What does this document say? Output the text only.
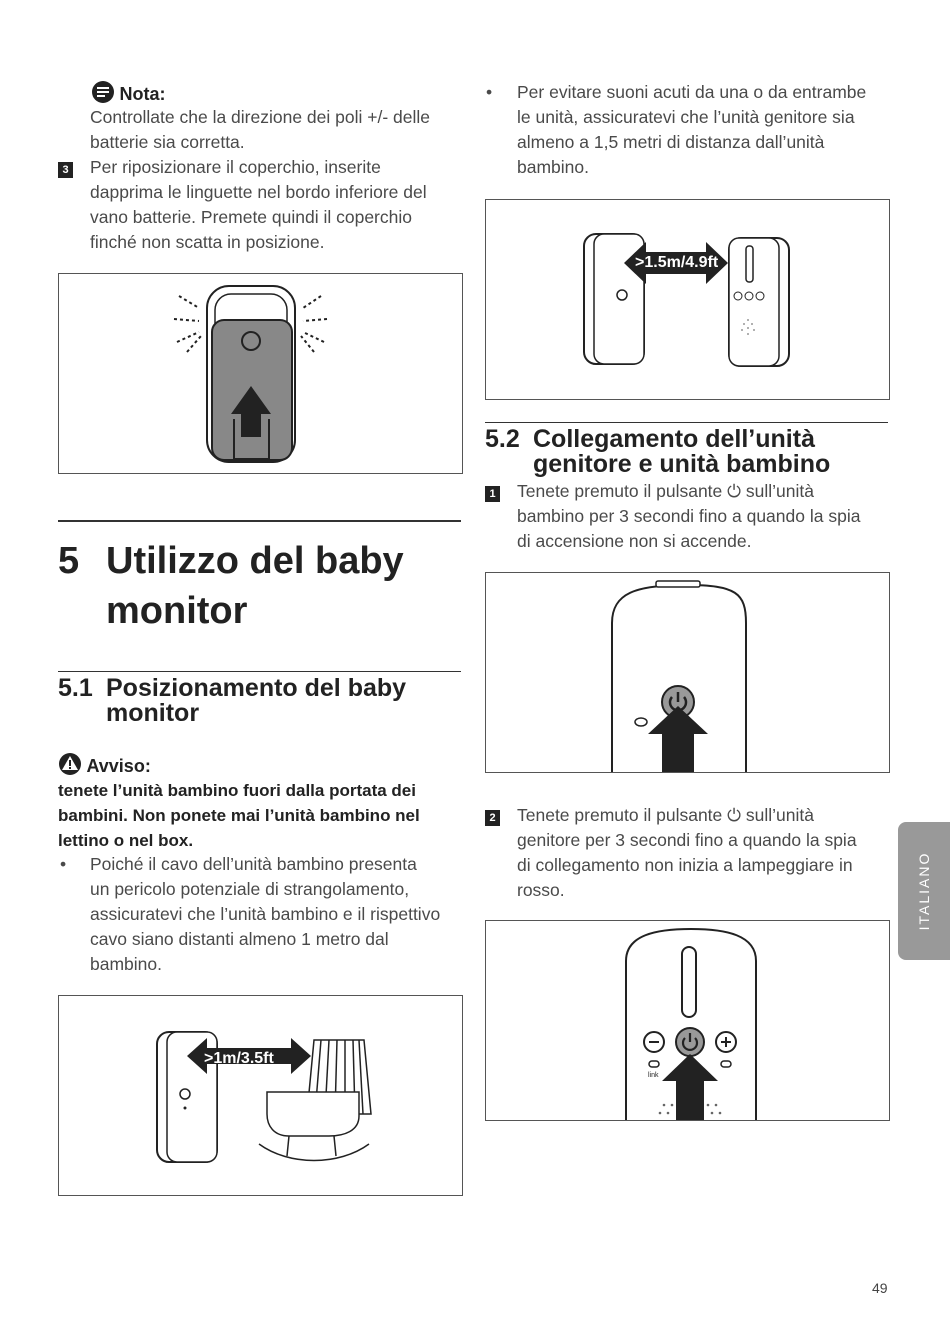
Nota:
Controllate che la direzione dei poli +/- delle
batterie sia corretta.
3 Per riposizionare il coperchio, inserite
dapprima le linguette nel bordo inferiore del
vano batterie. Premete quindi il coperchio
finché non scatta in posizione.
5 Utilizzo del baby
monitor
5.1 Posizionamento del baby
monitor
Avviso:
tenete l’unità bambino fuori dalla portata dei
bambini. Non ponete mai l’unità bambino nel
lettino o nel box.
• Poiché il cavo dell’unità bambino presenta
un pericolo potenziale di strangolamento,
assicuratevi che l’unità bambino e il rispettivo
cavo siano distanti almeno 1 metro dal
bambino.
>1m/3.5ft
• Per evitare suoni acuti da una o da entrambe
le unità, assicuratevi che l’unità genitore sia
almeno a 1,5 metri di distanza dall’unità
bambino.
>1.5m/4.9ft
5.2 Collegamento dell’unità
genitore e unità bambino
1 Tenete premuto il pulsante ⏻ sull’unità
bambino per 3 secondi fino a quando la spia
di accensione non si accende.
2 Tenete premuto il pulsante ⏻ sull’unità
genitore per 3 secondi fino a quando la spia
di collegamento non inizia a lampeggiare in
rosso.
link
ITALIANO
49
